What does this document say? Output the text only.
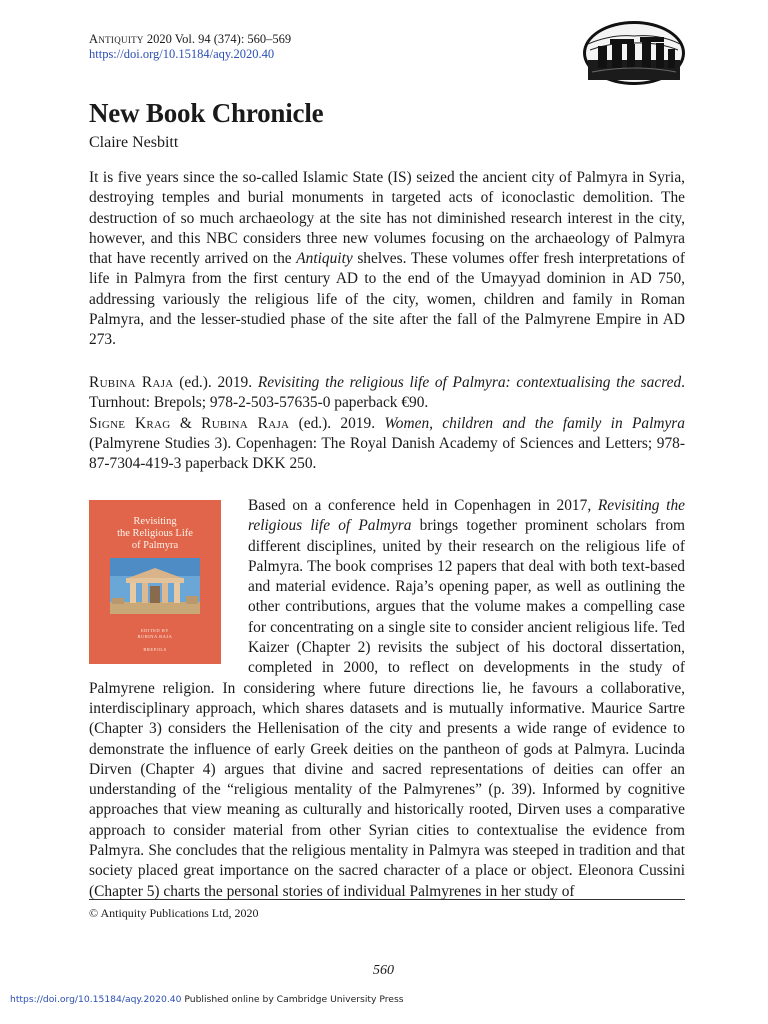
Antiquity 2020 Vol. 94 (374): 560–569
https://doi.org/10.15184/aqy.2020.40
New Book Chronicle
Claire Nesbitt

It is five years since the so-called Islamic State (IS) seized the ancient city of Palmyra in Syria, destroying temples and burial monuments in targeted acts of iconoclastic demolition. The destruction of so much archaeology at the site has not diminished research interest in the city, however, and this NBC considers three new volumes focusing on the archaeology of Palmyra that have recently arrived on the Antiquity shelves. These volumes offer fresh interpretations of life in Palmyra from the first century AD to the end of the Umayyad dominion in AD 750, addressing variously the religious life of the city, women, children and family in Roman Palmyra, and the lesser-studied phase of the site after the fall of the Palmyrene Empire in AD 273.

Rubina Raja (ed.). 2019. Revisiting the religious life of Palmyra: contextualising the sacred. Turnhout: Brepols; 978-2-503-57635-0 paperback €90.

Signe Krag & Rubina Raja (ed.). 2019. Women, children and the family in Palmyra (Palmyrene Studies 3). Copenhagen: The Royal Danish Academy of Sciences and Letters; 978-87-7304-419-3 paperback DKK 250.

Revisiting
the Religious Life
of Palmyra
EDITED BY
RUBINA RAJA
BREPOLS

Based on a conference held in Copenhagen in 2017, Revisiting the religious life of Palmyra brings together prominent scholars from different disciplines, united by their research on the religious life of Palmyra. The book comprises 12 papers that deal with both text-based and material evidence. Raja’s opening paper, as well as outlining the other contributions, argues that the volume makes a compelling case for concentrating on a single site to consider ancient religious life. Ted Kaizer (Chapter 2) revisits the subject of his doctoral dissertation, completed in 2000, to reflect on developments in the study of Palmyrene religion. In considering where future directions lie, he favours a collaborative, interdisciplinary approach, which shares datasets and is mutually informative. Maurice Sartre (Chapter 3) considers the Hellenisation of the city and presents a wide range of evidence to demonstrate the influence of early Greek deities on the pantheon of gods at Palmyra. Lucinda Dirven (Chapter 4) argues that divine and sacred representations of deities can offer an understanding of the “religious mentality of the Palmyrenes” (p. 39). Informed by cognitive approaches that view meaning as culturally and historically rooted, Dirven uses a comparative approach to consider material from other Syrian cities to contextualise the evidence from Palmyra. She concludes that the religious mentality in Palmyra was steeped in tradition and that society placed great importance on the sacred character of a place or object. Eleonora Cussini (Chapter 5) charts the personal stories of individual Palmyrenes in her study of

© Antiquity Publications Ltd, 2020
560
https://doi.org/10.15184/aqy.2020.40 Published online by Cambridge University Press
